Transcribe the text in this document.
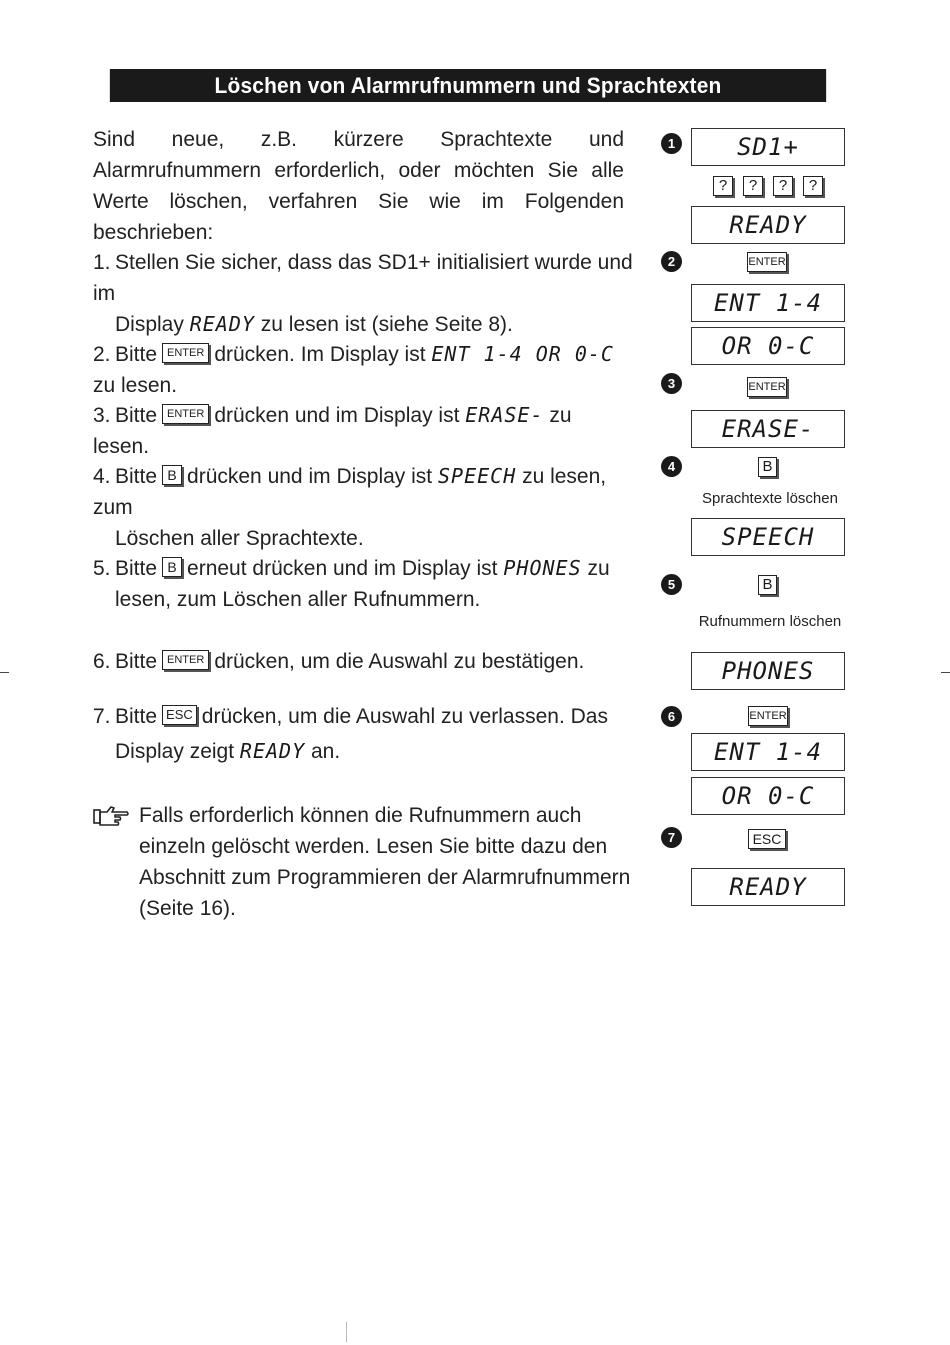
Löschen von Alarmrufnummern und Sprachtexten
Sind neue, z.B. kürzere Sprachtexte und Alarmrufnummern erforderlich, oder möchten Sie alle Werte löschen, verfahren Sie wie im Folgenden beschrieben:
1. Stellen Sie sicher, dass das SD1+ initialisiert wurde und im

Display READY zu lesen ist (siehe Seite 8).
2. Bitte ENTER drücken. Im Display ist ENT 1-4 OR 0-C zu lesen.
3. Bitte ENTER drücken und im Display ist ERASE- zu lesen.
4. Bitte B drücken und im Display ist SPEECH zu lesen, zum

Löschen aller Sprachtexte.
5. Bitte B erneut drücken und im Display ist PHONES zu

lesen, zum Löschen aller Rufnummern.
6. Bitte ENTER drücken, um die Auswahl zu bestätigen.
7. Bitte ESC drücken, um die Auswahl zu verlassen. Das

Display zeigt READY an.
Falls erforderlich können die Rufnummern auch einzeln gelöscht werden. Lesen Sie bitte dazu den Abschnitt zum Programmieren der Alarmrufnummern (Seite 16).
1	SD1+
?	?	?	?
READY
2	ENTER
ENT 1-4
OR 0-C
3	ENTER
ERASE-
4	B
Sprachtexte löschen
SPEECH
5	B
Rufnummern löschen
PHONES
6	ENTER
ENT 1-4
OR 0-C
7	ESC
READY
